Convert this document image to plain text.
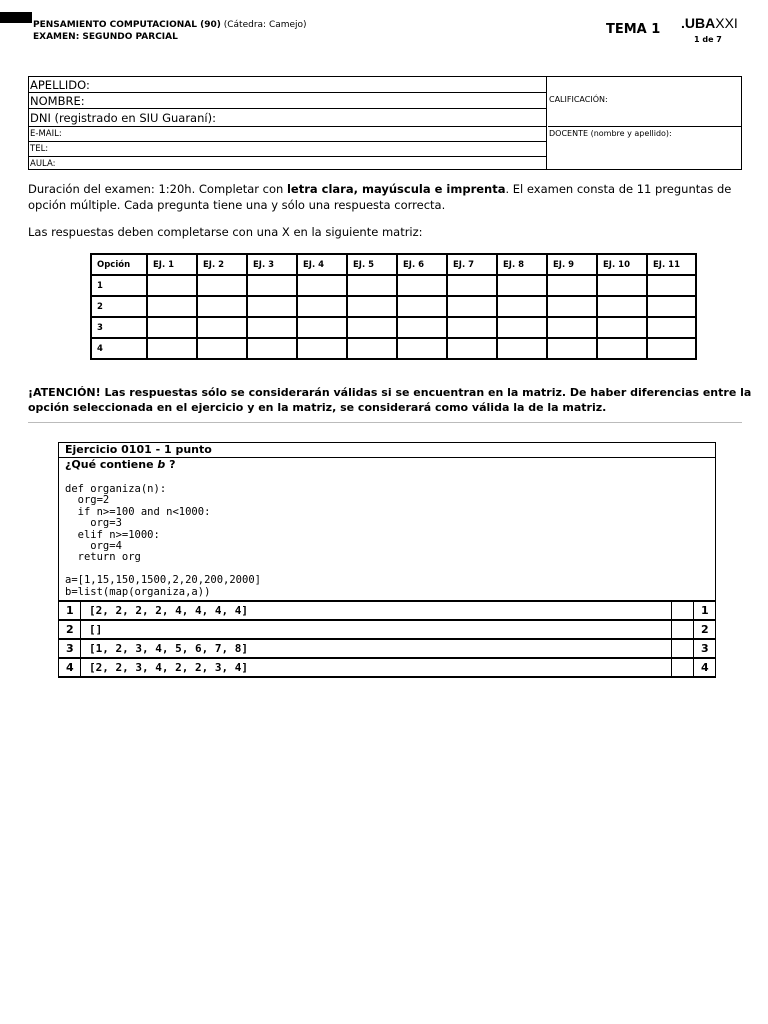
PENSAMIENTO COMPUTACIONAL (90) (Cátedra: Camejo)
EXAMEN: SEGUNDO PARCIAL	TEMA 1 .UBAXXI
1 de 7
APELLIDO:
NOMBRE:
DNI (registrado en SIU Guaraní):
E-MAIL:
TEL:
AULA:
CALIFICACIÓN:
DOCENTE (nombre y apellido):
Duración del examen: 1:20h. Completar con letra clara, mayúscula e imprenta. El examen consta de 11 preguntas de opción múltiple. Cada pregunta tiene una y sólo una respuesta correcta.
Las respuestas deben completarse con una X en la siguiente matriz:
Opción	EJ. 1	EJ. 2	EJ. 3	EJ. 4	EJ. 5	EJ. 6	EJ. 7	EJ. 8	EJ. 9	EJ. 10	EJ. 11
1											
2											
3											
4											
¡ATENCIÓN! Las respuestas sólo se considerarán válidas si se encuentran en la matriz. De haber diferencias entre la opción seleccionada en el ejercicio y en la matriz, se considerará como válida la de la matriz.
Ejercicio 0101 - 1 punto
¿Qué contiene b ?
def organiza(n):
org=2
if n>=100 and n<1000:
org=3
elif n>=1000:
org=4
return org

a=[1,15,150,1500,2,20,200,2000]
b=list(map(organiza,a))
1	[2, 2, 2, 2, 4, 4, 4, 4]	1
2	[]	2
3	[1, 2, 3, 4, 5, 6, 7, 8]	3
4	[2, 2, 3, 4, 2, 2, 3, 4]	4
